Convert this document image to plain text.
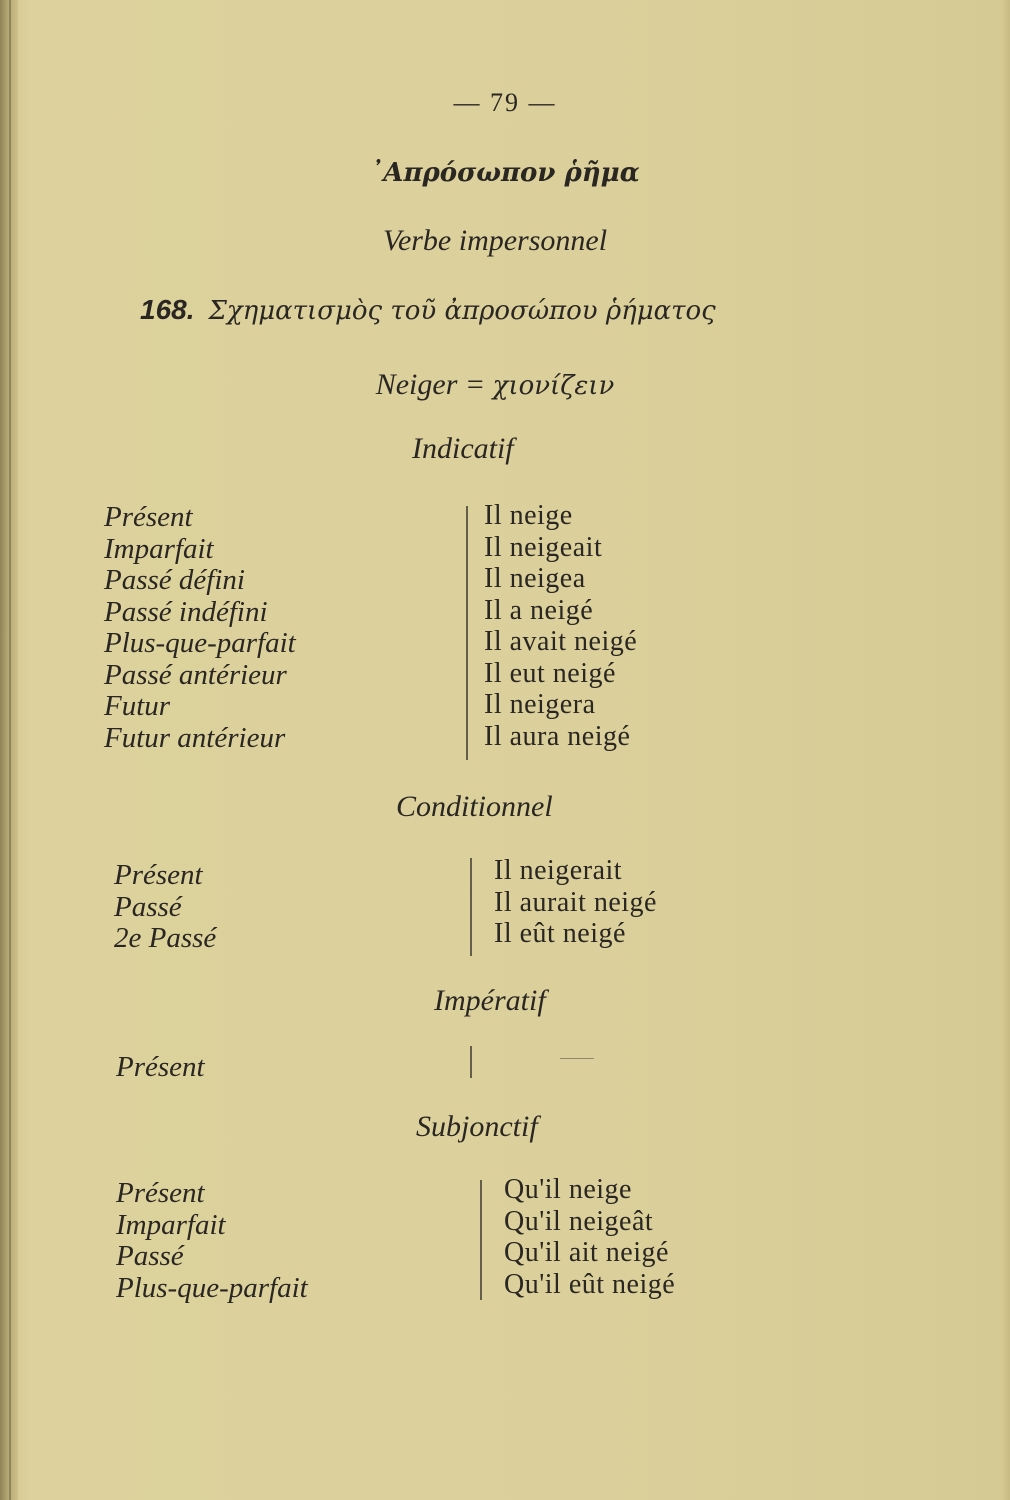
— 79 —
᾿Απρόσωπον ῥῆμα
Verbe impersonnel
168. Σχηματισμὸς τοῦ ἀπροσώπου ῥήματος
Neiger = χιονίζειν
Indicatif
Présent
Imparfait
Passé défini
Passé indéfini
Plus-que-parfait
Passé antérieur
Futur
Futur antérieur
Il neige
Il neigeait
Il neigea
Il a neigé
Il avait neigé
Il eut neigé
Il neigera
Il aura neigé
Conditionnel
Présent
Passé
2e Passé
Il neigerait
Il aurait neigé
Il eût neigé
Impératif
Présent
Subjonctif
Présent
Imparfait
Passé
Plus-que-parfait
Qu'il neige
Qu'il neigeât
Qu'il ait neigé
Qu'il eût neigé
